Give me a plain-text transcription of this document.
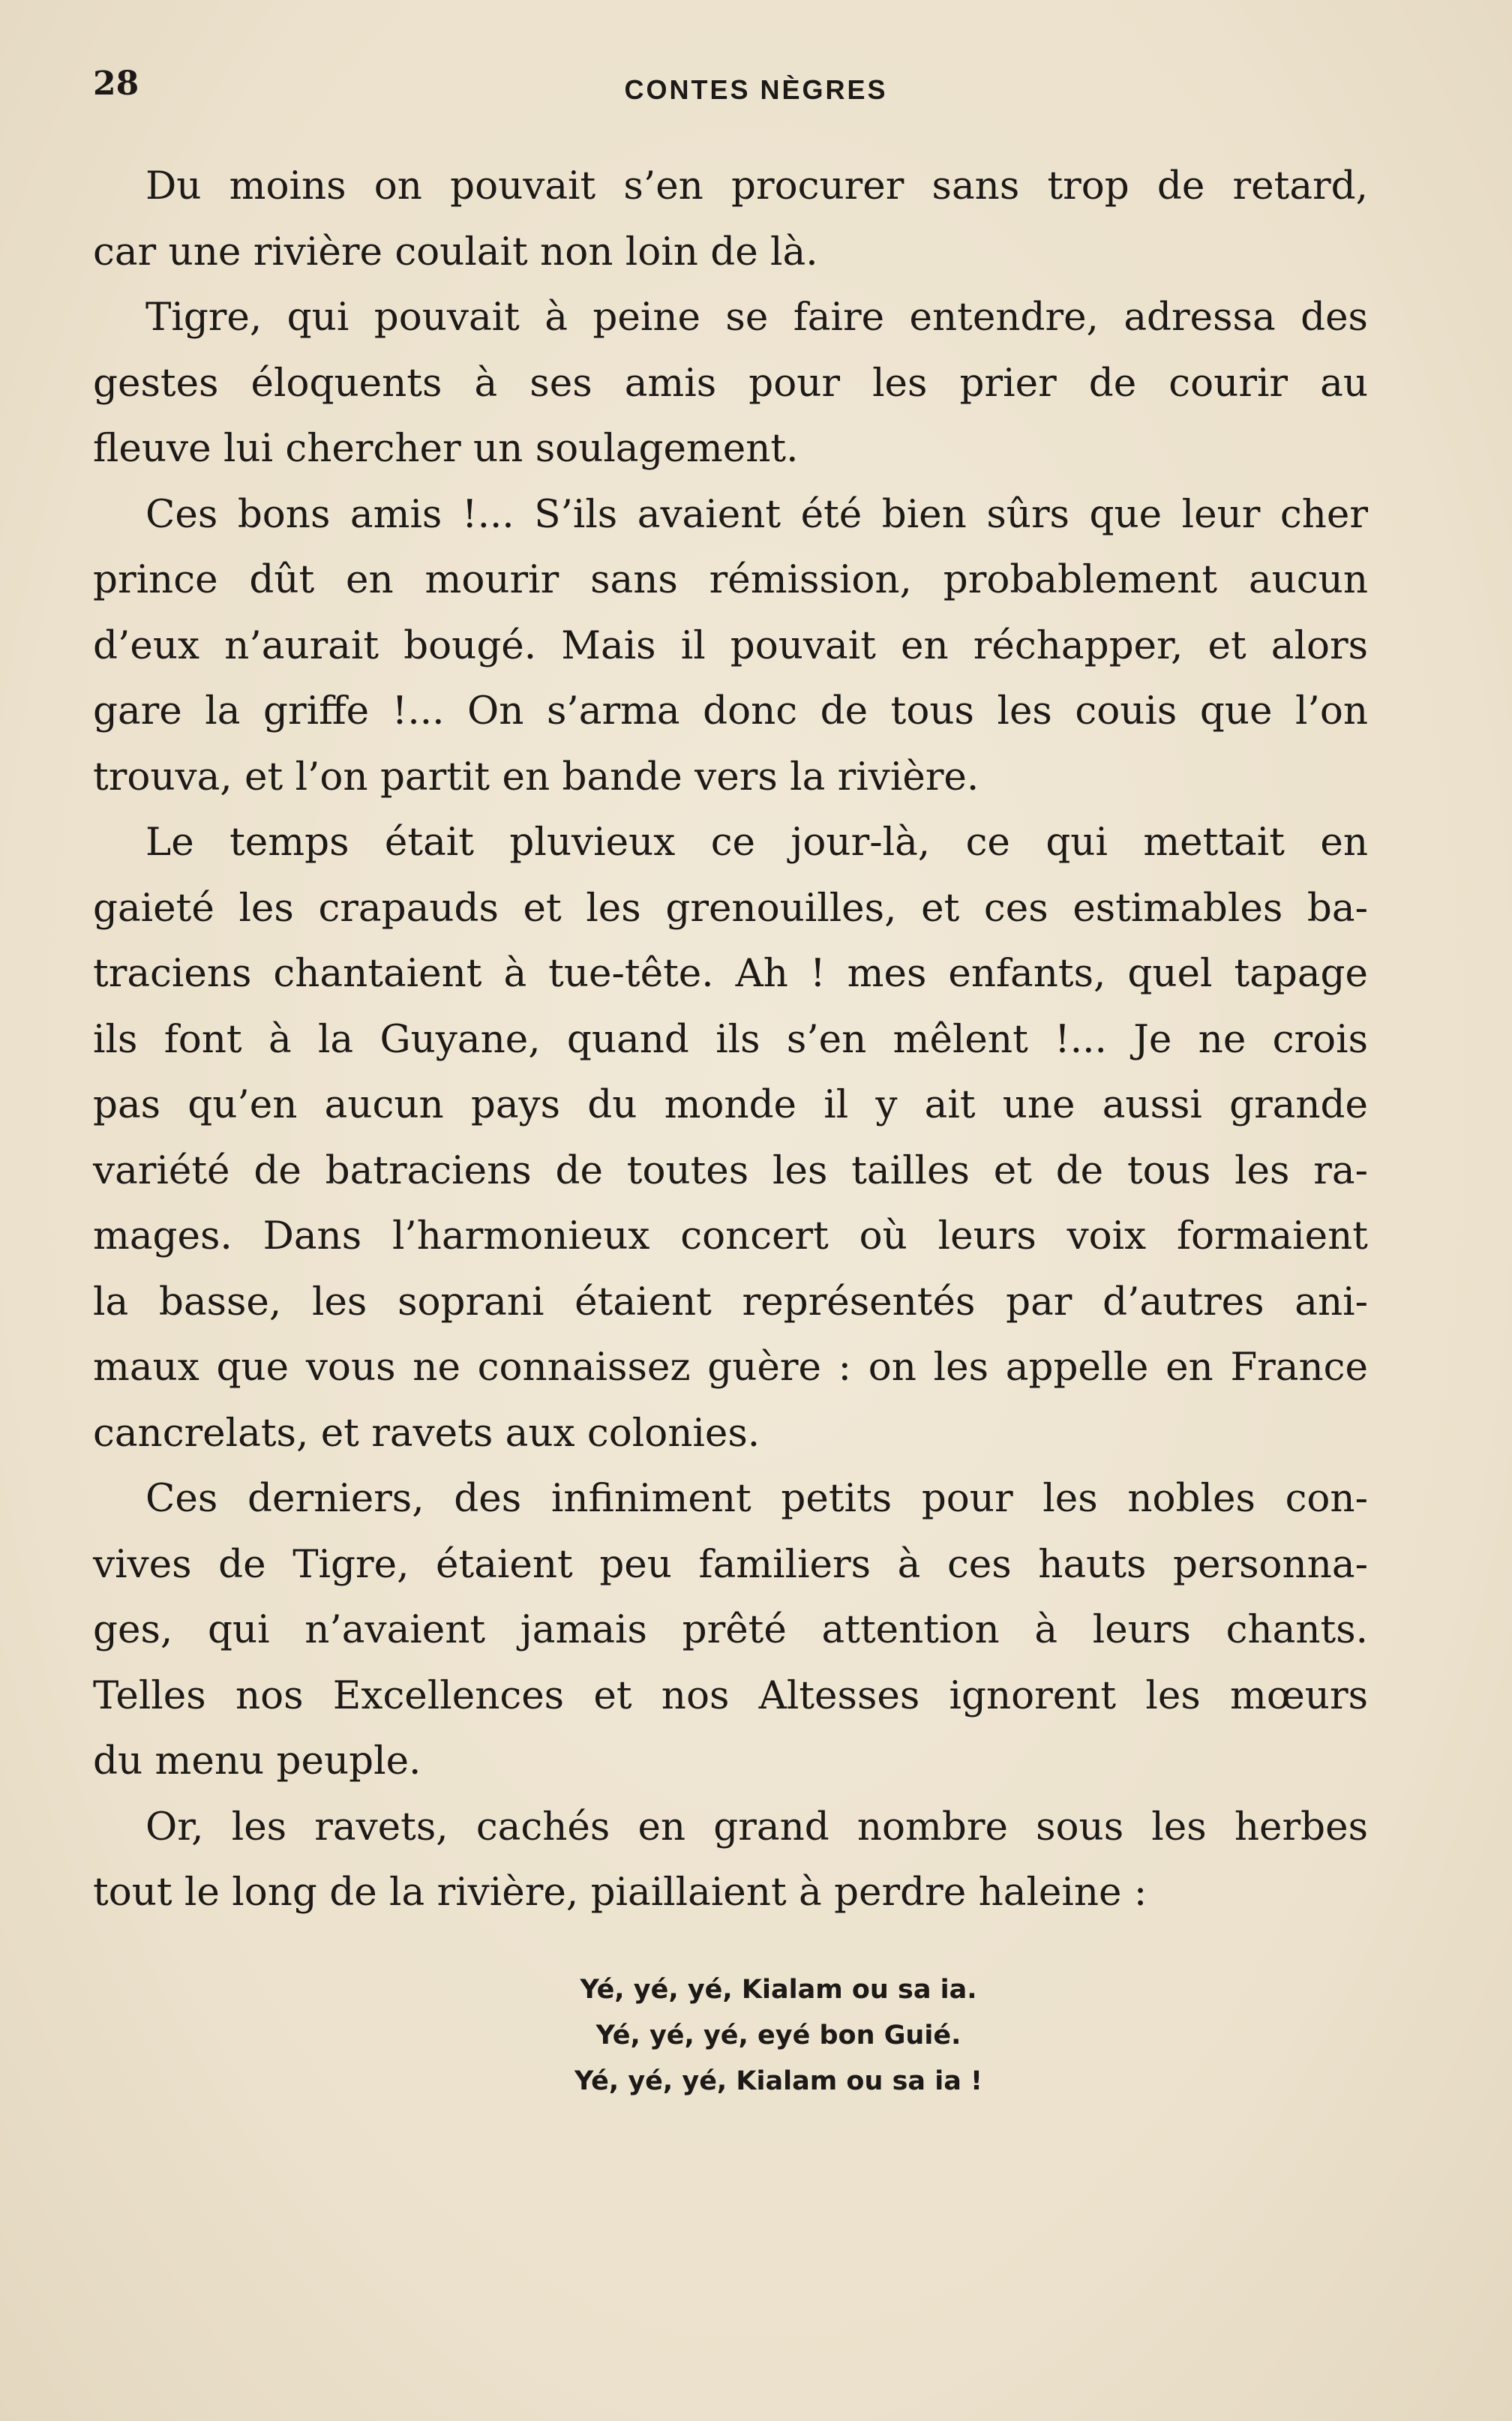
28	CONTES NÈGRES
Du moins on pouvait s’en procurer sans trop de retard,
car une rivière coulait non loin de là.
Tigre, qui pouvait à peine se faire entendre, adressa des
gestes éloquents à ses amis pour les prier de courir au
fleuve lui chercher un soulagement.
Ces bons amis !... S’ils avaient été bien sûrs que leur cher
prince dût en mourir sans rémission, probablement aucun
d’eux n’aurait bougé. Mais il pouvait en réchapper, et alors
gare la griffe !... On s’arma donc de tous les couis que l’on
trouva, et l’on partit en bande vers la rivière.
Le temps était pluvieux ce jour-là, ce qui mettait en
gaieté les crapauds et les grenouilles, et ces estimables ba-
traciens chantaient à tue-tête. Ah ! mes enfants, quel tapage
ils font à la Guyane, quand ils s’en mêlent !... Je ne crois
pas qu’en aucun pays du monde il y ait une aussi grande
variété de batraciens de toutes les tailles et de tous les ra-
mages. Dans l’harmonieux concert où leurs voix formaient
la basse, les soprani étaient représentés par d’autres ani-
maux que vous ne connaissez guère : on les appelle en France
cancrelats, et ravets aux colonies.
Ces derniers, des infiniment petits pour les nobles con-
vives de Tigre, étaient peu familiers à ces hauts personna-
ges, qui n’avaient jamais prêté attention à leurs chants.
Telles nos Excellences et nos Altesses ignorent les mœurs
du menu peuple.
Or, les ravets, cachés en grand nombre sous les herbes
tout le long de la rivière, piaillaient à perdre haleine :
Yé, yé, yé, Kialam ou sa ia.
Yé, yé, yé, eyé bon Guié.
Yé, yé, yé, Kialam ou sa ia !
